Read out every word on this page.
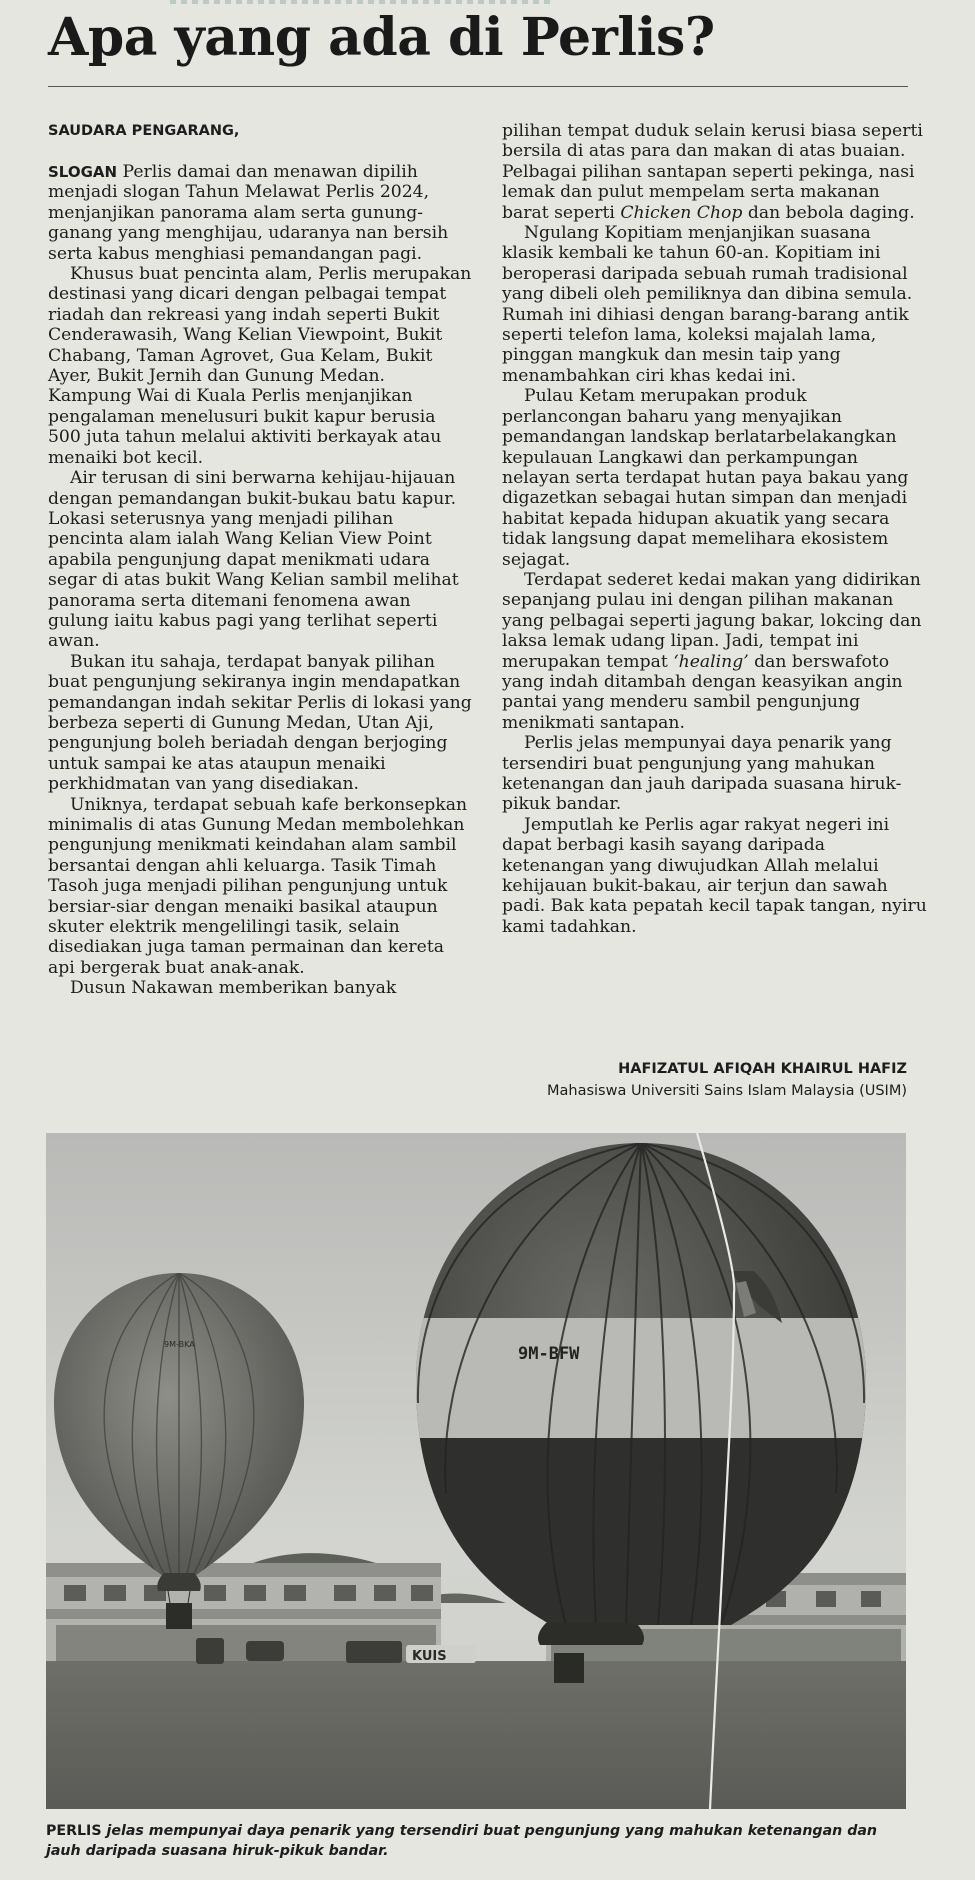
Apa yang ada di Perlis?
SAUDARA PENGARANG,

SLOGAN Perlis damai dan menawan dipilih menjadi slogan Tahun Melawat Perlis 2024, menjanjikan panorama alam serta gunung-ganang yang menghijau, udaranya nan bersih serta kabus menghiasi pemandangan pagi.

Khusus buat pencinta alam, Perlis merupakan destinasi yang dicari dengan pelbagai tempat riadah dan rekreasi yang indah seperti Bukit Cenderawasih, Wang Kelian Viewpoint, Bukit Chabang, Taman Agrovet, Gua Kelam, Bukit Ayer, Bukit Jernih dan Gunung Medan. Kampung Wai di Kuala Perlis menjanjikan pengalaman menelusuri bukit kapur berusia 500 juta tahun melalui aktiviti berkayak atau menaiki bot kecil.

Air terusan di sini berwarna kehijau-hijauan dengan pemandangan bukit-bukau batu kapur. Lokasi seterusnya yang menjadi pilihan pencinta alam ialah Wang Kelian View Point apabila pengunjung dapat menikmati udara segar di atas bukit Wang Kelian sambil melihat panorama serta ditemani fenomena awan gulung iaitu kabus pagi yang terlihat seperti awan.

Bukan itu sahaja, terdapat banyak pilihan buat pengunjung sekiranya ingin mendapatkan pemandangan indah sekitar Perlis di lokasi yang berbeza seperti di Gunung Medan, Utan Aji, pengunjung boleh beriadah dengan berjoging untuk sampai ke atas ataupun menaiki perkhidmatan van yang disediakan.

Uniknya, terdapat sebuah kafe berkonsepkan minimalis di atas Gunung Medan membolehkan pengunjung menikmati keindahan alam sambil bersantai dengan ahli keluarga. Tasik Timah Tasoh juga menjadi pilihan pengunjung untuk bersiar-siar dengan menaiki basikal ataupun skuter elektrik mengelilingi tasik, selain disediakan juga taman permainan dan kereta api bergerak buat anak-anak.

Dusun Nakawan memberikan banyak

pilihan tempat duduk selain kerusi biasa seperti bersila di atas para dan makan di atas buaian. Pelbagai pilihan santapan seperti pekinga, nasi lemak dan pulut mempelam serta makanan barat seperti Chicken Chop dan bebola daging.

Ngulang Kopitiam menjanjikan suasana klasik kembali ke tahun 60-an. Kopitiam ini beroperasi daripada sebuah rumah tradisional yang dibeli oleh pemiliknya dan dibina semula. Rumah ini dihiasi dengan barang-barang antik seperti telefon lama, koleksi majalah lama, pinggan mangkuk dan mesin taip yang menambahkan ciri khas kedai ini.

Pulau Ketam merupakan produk perlancongan baharu yang menyajikan pemandangan landskap berlatarbelakangkan kepulauan Langkawi dan perkampungan nelayan serta terdapat hutan paya bakau yang digazetkan sebagai hutan simpan dan menjadi habitat kepada hidupan akuatik yang secara tidak langsung dapat memelihara ekosistem sejagat.

Terdapat sederet kedai makan yang didirikan sepanjang pulau ini dengan pilihan makanan yang pelbagai seperti jagung bakar, lokcing dan laksa lemak udang lipan. Jadi, tempat ini merupakan tempat ‘healing’ dan berswafoto yang indah ditambah dengan keasyikan angin pantai yang menderu sambil pengunjung menikmati santapan.

Perlis jelas mempunyai daya penarik yang tersendiri buat pengunjung yang mahukan ketenangan dan jauh daripada suasana hiruk-pikuk bandar.

Jemputlah ke Perlis agar rakyat negeri ini dapat berbagi kasih sayang daripada ketenangan yang diwujudkan Allah melalui kehijauan bukit-bakau, air terjun dan sawah padi. Bak kata pepatah kecil tapak tangan, nyiru kami tadahkan.

HAFIZATUL AFIQAH KHAIRUL HAFIZ
Mahasiswa Universiti Sains Islam Malaysia (USIM)
KUIS
9M-BKA	9M-BFW
PERLIS jelas mempunyai daya penarik yang tersendiri buat pengunjung yang mahukan ketenangan dan jauh daripada suasana hiruk-pikuk bandar.
